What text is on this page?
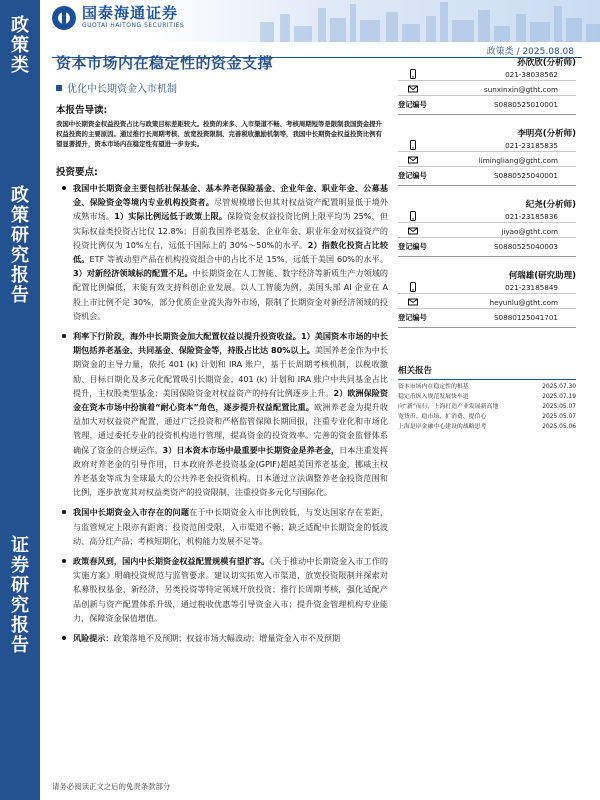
国泰海通证券
GUOTAI HAITONG SECURITIES
政
策
类
政
策
研
究
报
告
证
券
研
究
报
告
政策类 / 2025.08.08
资本市场内在稳定性的资金支撑
优化中长期资金入市机制
本报告导读:
我国中长期资金权益投资占比与政策目标差距较大。投资的来多、入市渠道不畅、考核周期短等是限制我国资金提升权益投资的主要原因。通过推行长周期考核、放宽投资限制、完善税收激励机制等，我国中长期资金权益投资比例有望显著提升，资本市场内在稳定性有望进一步夯实。
投资要点:
我国中长期资金主要包括社保基金、基本养老保险基金、企业年金、职业年金、公募基金、保险资金等境内专业机构投资者。尽管规模增长但其对权益资产配置明显低于境外成熟市场。1）实际比例远低于政策上限。保险资金权益投资比例上限平均为 25%，但实际权益类投资占比仅 12.8%；目前我国养老基金、企业年金、职业年金对权益资产的投资比例仅为 10%左右，远低于国际上的 30%～50%的水平。2）指数化投资占比较低。ETF 等被动型产品在机构投资组合中的占比不足 15%，远低于美国 60%的水平。3）对新经济领域标的配置不足。中长期资金在人工智能、数字经济等新质生产力领域的配置比例偏低，未能有效支持科创企业发展。以人工智能为例，美国头部 AI 企业在 A 股上市比例不足 30%，部分优质企业流失海外市场，限制了长期资金对新经济领域的投资机会。
利率下行阶段，海外中长期资金加大配置权益以提升投资收益。1）美国资本市场的中长期包括养老基金、共同基金、保险资金等，持股占比达 80%以上。美国养老金作为中长期资金的主导力量，依托 401 (k) 计划和 IRA 账户，基于长周期考核机制，以税收激励、目标日期化及多元化配置吸引长期资金；401 (k) 计划和 IRA 账户中共同基金占比提升，主权股类型基金；美国保险资金对权益资产的持有比例逐步上升。2）欧洲保险资金在资本市场中扮演着“耐心资本”角色，逐步提升权益配置比重。欧洲养老金为提升收益加大对权益资产配置，通过广泛投资和严格监管保障长期回报，注重专业化和市场化管理，通过委托专业的投资机构进行管理，提高资金的投资效率。完善的资金监督体系确保了资金的合规运作。3）日本资本市场中最重要中长期资金是养老金，日本注重发挥政府对养老金的引导作用，日本政府养老投资基金(GPIF)超越美国养老基金，挪威主权养老基金等成为全球最大的公共养老金投资机构。日本通过立法调整养老金投资范围和比例，逐步放宽其对权益类资产的投资限制，注重投资多元化与国际化。
我国中长期资金入市存在的问题在于中长期资金入市比例较低，与发达国家存在差距，与监管规定上限亦有距离；投资范围受限，入市渠道不畅；缺乏适配中长期资金的低波动、高分红产品；考核短期化，机构能力发展不足等。
政策春风到，国内中长期资金权益配置规模有望扩容。《关于推动中长期资金入市工作的实施方案》明确投资规范与监管要求。建议切实拓宽入市渠道，放宽投资限制并探索对私募股权基金、新经济、另类投资等特定领域开放投资；推行长周期考核，强化适配产品创新与资产配置体系升级，通过税收优惠等引导资金入市；提升资金管理机构专业能力，保障资金保值增值。
风险提示：政策落地不及预期；权益市场大幅波动；增量资金入市不及预期
孙欣欣(分析师)
021-38038562
sunxinxin@gtht.com
登记编号	S0880525010001
李明亮(分析师)
021-23185835
limingliang@gtht.com
登记编号	S0880525040001
纪尧(分析师)
021-23185836
jiyao@gtht.com
登记编号	S0880525040003
何瑞雄(研究助理)
021-23185849
heyunlu@gtht.com
登记编号	S0880125041701
相关报告
资本市场内在稳定性的根基	2025.07.30
稳定币纵入规范发展快车道	2025.07.19
向“新”而行，上海打造产业发展新高地	2025.05.07
宽货币、稳市场、扩消费、提信心	2025.05.07
上海是岸金融中心建设的战略思考	2025.05.06
请务必阅读正文之后的免责条款部分
